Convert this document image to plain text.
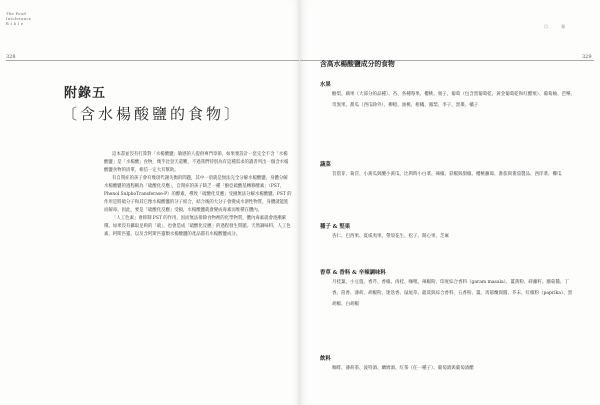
The Food
Intolerance
B i b l e
328
附錄五
〔含水楊酸鹽的食物〕

這本書並沒有打算對「水楊酸鹽」敏感的人提供專門章節，如果要設計一套完全不含「水楊酸鹽」是「水楊酸」食物，幾乎比登天還難，不過我們特別為有這種需求的讀者列出一個含水楊酸鹽食物的清單，相信一定大有幫助。

有自閉症的孩子會有幾項代謝失衡的問題，其中一項就是無法完全分解水楊酸鹽。身體分解水楊酸鹽的過程稱為「硫酸化反應」，自閉症的孩子缺乏一種「酚亞硫酸基轉移酵素」（PST，Phenol SulphoTransferase-P）的酵素，導致「硫酸化反應」受損無法分解水楊酸鹽。PST 的作用是將硫分子和其它像水楊酸鹽的分子結合，結合後的大分子會變成水溶性物質，身體就能進而解毒。因此，要是「硫酸化反應」受損，水楊酸鹽就會變成毒素而堆積在體內。

「人工色素」會抑制 PST 的作用，因而無法排除食物裡的化學物質，體內毒素就會逐漸累積。如果沒有攝取足夠的「硫」，也會造成「硫酸化反應」的過程發生問題。天然調味料、人工色素、阿斯匹靈，以及含阿斯匹靈類水楊酸鹽的產品都有水楊酸鹽成分。

目	錄
329
含高水楊酸鹽成分的食物
水果
酪梨、蘋果（大部分的品種）、杏、各種莓果、櫻桃、栗子、葡萄（包含黑葡萄乾、黃金葡萄乾和紅醋栗）、葡萄柚、芭樂、奇異果、甜瓜（西瓜除外）、柳橙、油桃、柑橘、鳳梨、李子、黑棗、橘子
蔬菜
苜蓿芽、菊苣、小黃瓜與醃小黃瓜、比利時小白菜、辣椒、彩椒與甜椒、櫻桃蘿蔔、番茄與番茄製品、西洋菜、櫛瓜
種子 & 堅果
杏仁、巴西果、夏威夷果、帶殼花生、松子、開心果、芝麻
香草 & 香料 & 辛辣調味料
月桂葉、小豆蔻、香芹、香椒、肉桂、咖哩、辣椒粉、印度綜合香料（garam masala）、薑黃粉、蒔蘿籽、蘑菇醬、丁香、茴香、薄荷、胡椒粉、迷迭香、鼠尾草、龍蒿與綜合香料、五香粉、薑、馬郁蘭與醬、芥末、紅椒粉（paprika）、黑胡椒、白胡椒
飲料
咖啡、薄荷茶、波特酒、蘭姆酒、紅茶（任一種子）、葡萄酒與葡萄酒醋
